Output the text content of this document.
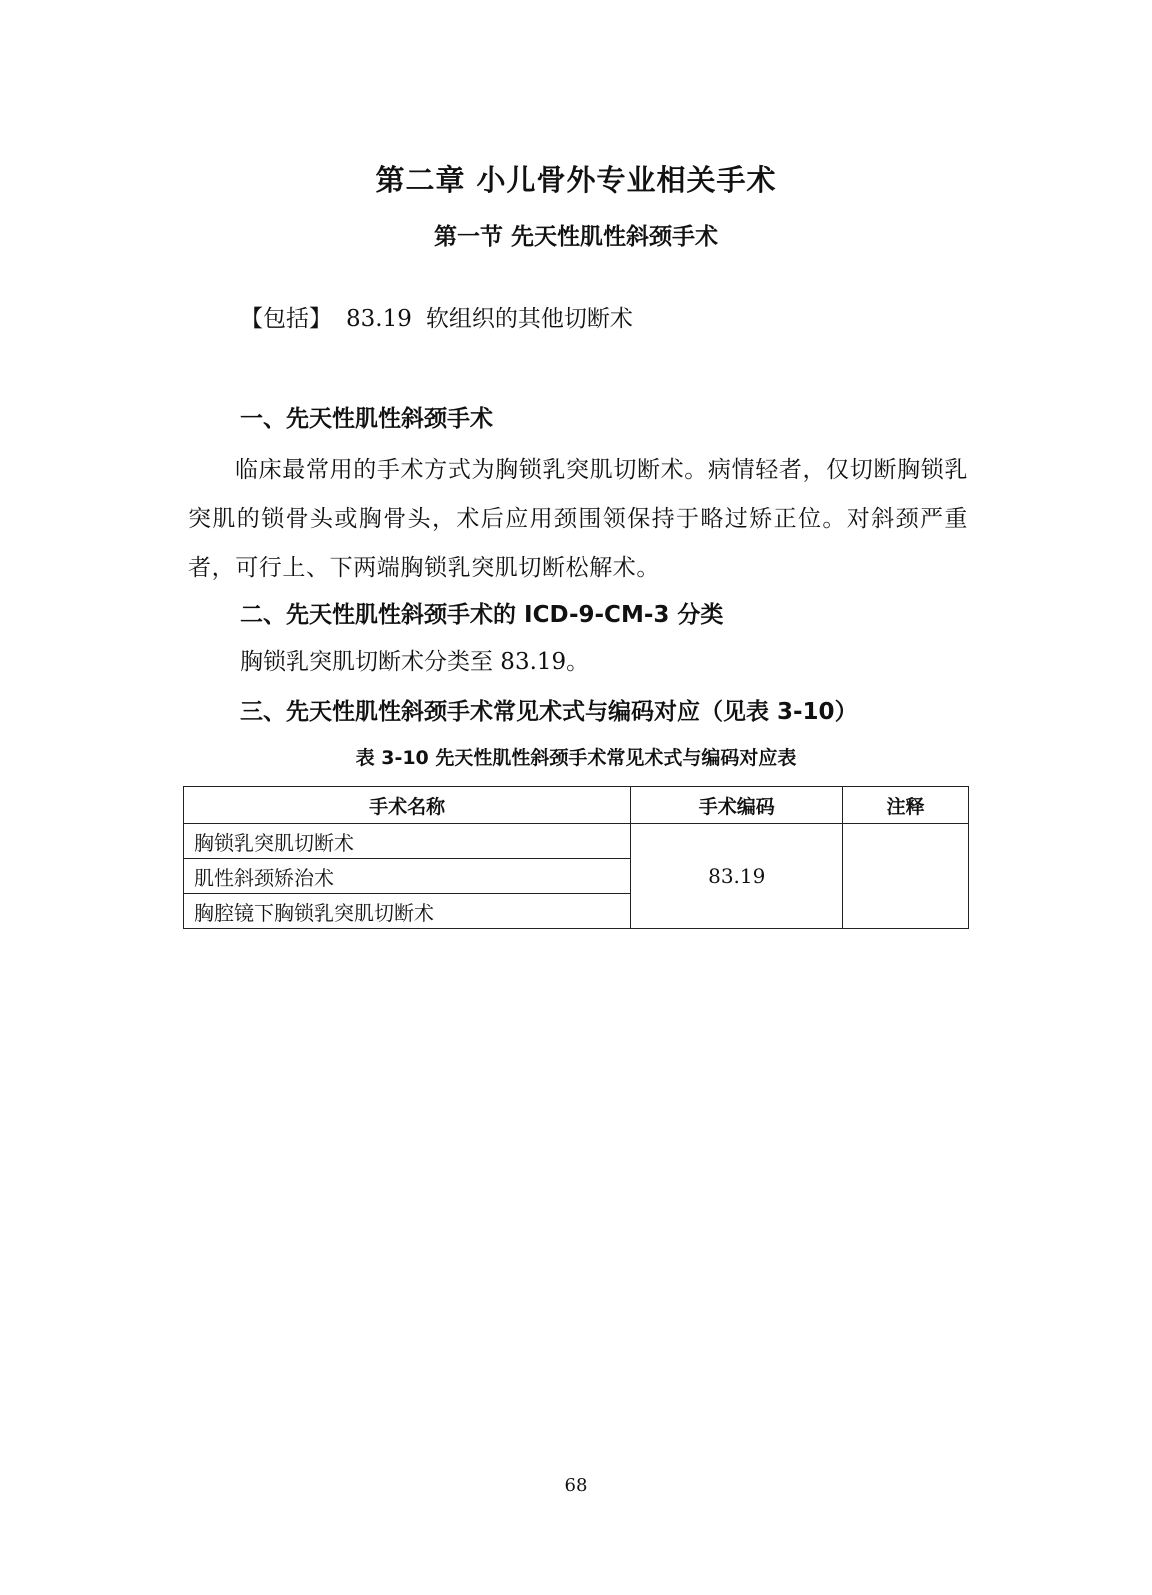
第二章 小儿骨外专业相关手术
第一节 先天性肌性斜颈手术
【包括】 83.19 软组织的其他切断术
一、先天性肌性斜颈手术
临床最常用的手术方式为胸锁乳突肌切断术。病情轻者，仅切断胸锁乳突肌的锁骨头或胸骨头，术后应用颈围领保持于略过矫正位。对斜颈严重者，可行上、下两端胸锁乳突肌切断松解术。
二、先天性肌性斜颈手术的 ICD-9-CM-3 分类
胸锁乳突肌切断术分类至 83.19。
三、先天性肌性斜颈手术常见术式与编码对应（见表 3-10）
表 3-10 先天性肌性斜颈手术常见术式与编码对应表
手术名称	手术编码	注释
胸锁乳突肌切断术	83.19	
肌性斜颈矫治术		
胸腔镜下胸锁乳突肌切断术		
68
